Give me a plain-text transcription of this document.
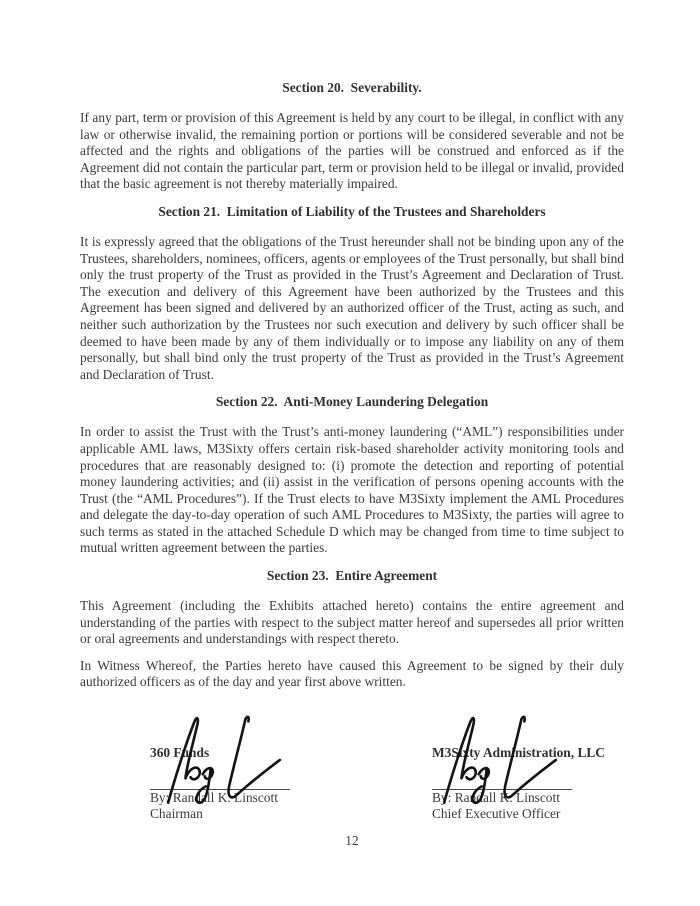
Section 20.  Severability.

If any part, term or provision of this Agreement is held by any court to be illegal, in conflict with any law or otherwise invalid, the remaining portion or portions will be considered severable and not be affected and the rights and obligations of the parties will be construed and enforced as if the Agreement did not contain the particular part, term or provision held to be illegal or invalid, provided that the basic agreement is not thereby materially impaired.

Section 21.  Limitation of Liability of the Trustees and Shareholders

It is expressly agreed that the obligations of the Trust hereunder shall not be binding upon any of the Trustees, shareholders, nominees, officers, agents or employees of the Trust personally, but shall bind only the trust property of the Trust as provided in the Trust’s Agreement and Declaration of Trust. The execution and delivery of this Agreement have been authorized by the Trustees and this Agreement has been signed and delivered by an authorized officer of the Trust, acting as such, and neither such authorization by the Trustees nor such execution and delivery by such officer shall be deemed to have been made by any of them individually or to impose any liability on any of them personally, but shall bind only the trust property of the Trust as provided in the Trust’s Agreement and Declaration of Trust.

Section 22.  Anti-Money Laundering Delegation

In order to assist the Trust with the Trust’s anti-money laundering (“AML”) responsibilities under applicable AML laws, M3Sixty offers certain risk-based shareholder activity monitoring tools and procedures that are reasonably designed to: (i) promote the detection and reporting of potential money laundering activities; and (ii) assist in the verification of persons opening accounts with the Trust (the “AML Procedures”). If the Trust elects to have M3Sixty implement the AML Procedures and delegate the day-to-day operation of such AML Procedures to M3Sixty, the parties will agree to such terms as stated in the attached Schedule D which may be changed from time to time subject to mutual written agreement between the parties.

Section 23.  Entire Agreement

This Agreement (including the Exhibits attached hereto) contains the entire agreement and understanding of the parties with respect to the subject matter hereof and supersedes all prior written or oral agreements and understandings with respect thereto.

In Witness Whereof, the Parties hereto have caused this Agreement to be signed by their duly authorized officers as of the day and year first above written.

360 Funds
By: Randall K. Linscott
Chairman
M3Sixty Administration, LLC
By: Randall K. Linscott
Chief Executive Officer
12
